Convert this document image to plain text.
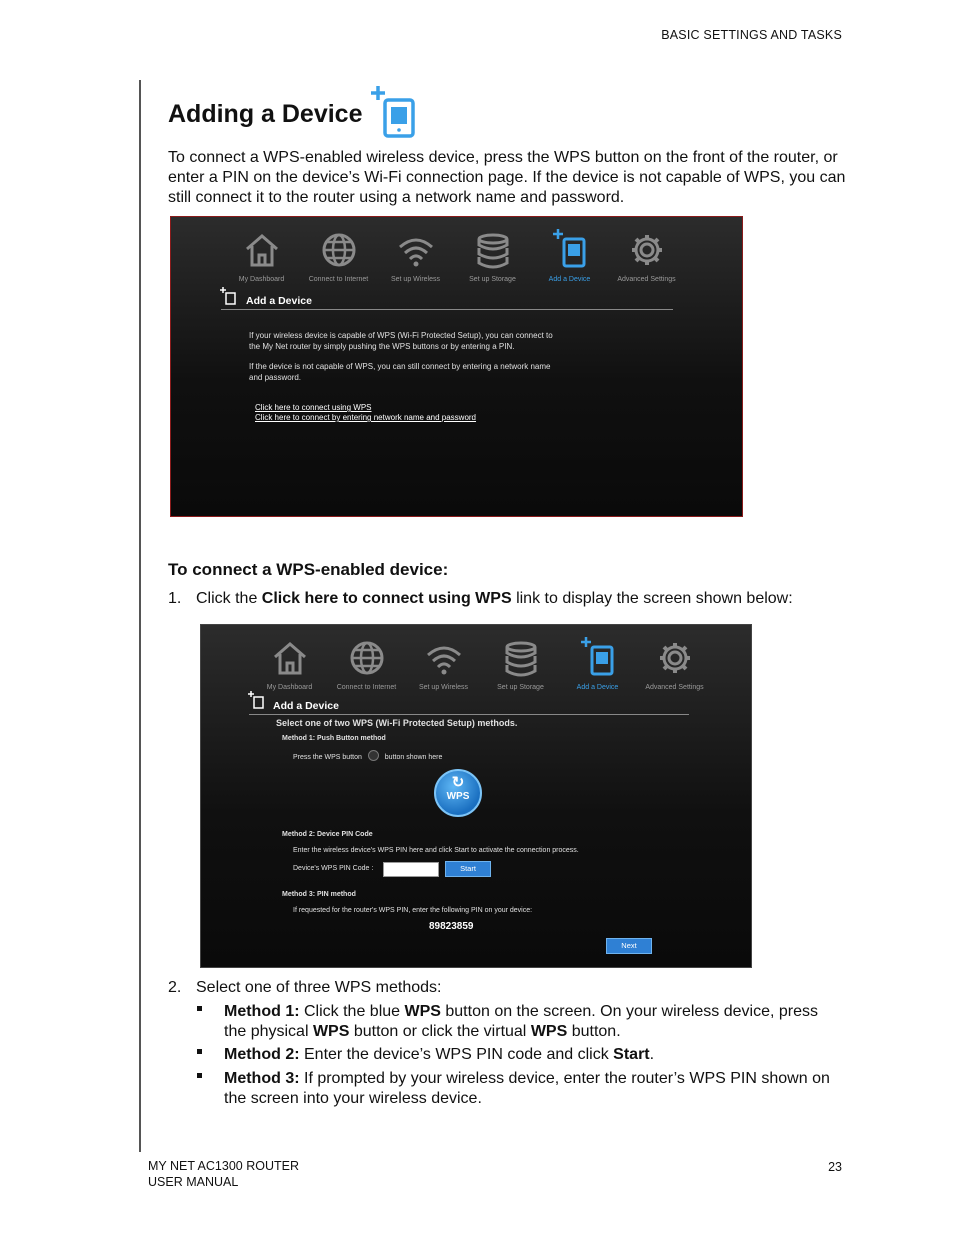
BASIC SETTINGS AND TASKS
Adding a Device
To connect a WPS-enabled wireless device, press the WPS button on the front of the router, or enter a PIN on the device’s Wi-Fi connection page. If the device is not capable of WPS, you can still connect it to the router using a network name and password.
My Dashboard	Connect to Internet	Set up Wireless	Set up Storage	Add a Device	Advanced Settings
Add a Device
If your wireless device is capable of WPS (Wi-Fi Protected Setup), you can connect to
the My Net router by simply pushing the WPS buttons or by entering a PIN.
If the device is not capable of WPS, you can still connect by entering a network name
and password.
Click here to connect using WPS
Click here to connect by entering network name and password
To connect a WPS-enabled device:
1. Click the Click here to connect using WPS link to display the screen shown below:
My Dashboard	Connect to Internet	Set up Wireless	Set up Storage	Add a Device	Advanced Settings
Add a Device
Select one of two WPS (Wi-Fi Protected Setup) methods.
Method 1: Push Button method
Press the WPS button	button shown here
↻
WPS
Method 2: Device PIN Code
Enter the wireless device's WPS PIN here and click Start to activate the connection process.
Device's WPS PIN Code :	Start
Method 3: PIN method
If requested for the router's WPS PIN, enter the following PIN on your device:
89823859
Next
2. Select one of three WPS methods:
Method 1: Click the blue WPS button on the screen. On your wireless device, press the physical WPS button or click the virtual WPS button.
Method 2: Enter the device’s WPS PIN code and click Start.
Method 3: If prompted by your wireless device, enter the router’s WPS PIN shown on the screen into your wireless device.
MY NET AC1300 ROUTER
USER MANUAL
23
